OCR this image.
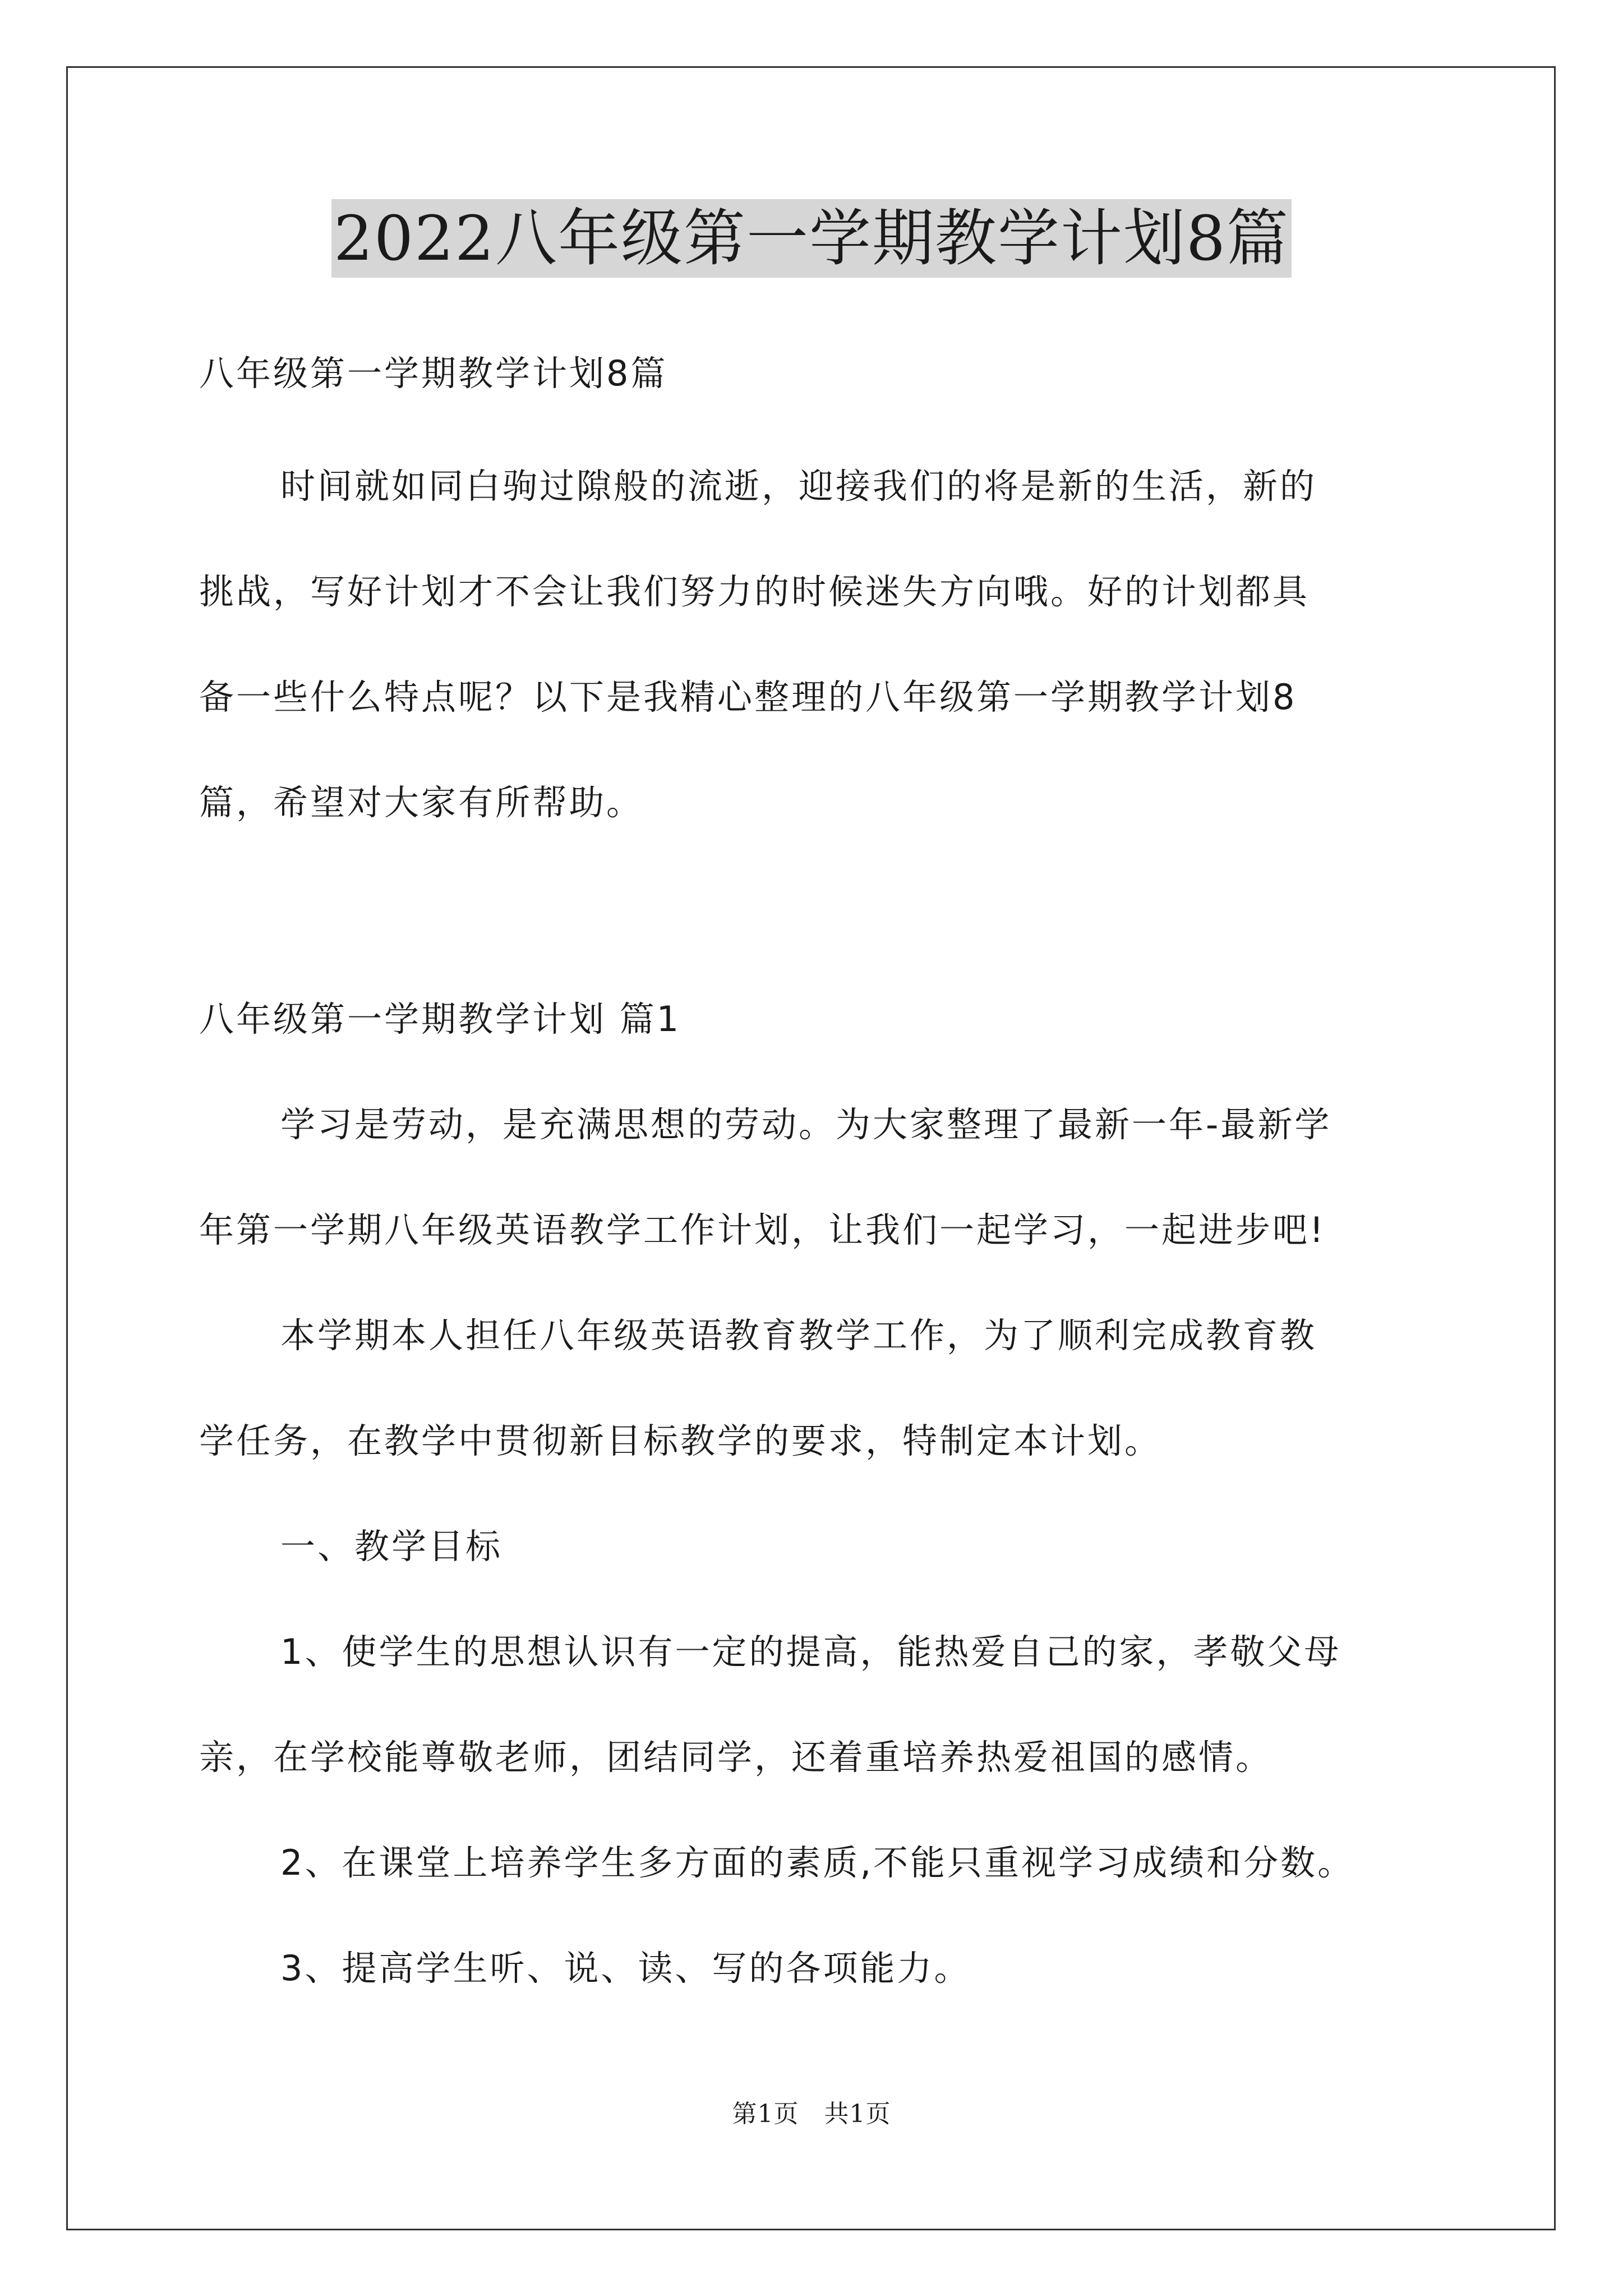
2022八年级第一学期教学计划8篇
八年级第一学期教学计划8篇
时间就如同白驹过隙般的流逝，迎接我们的将是新的生活，新的
挑战，写好计划才不会让我们努力的时候迷失方向哦。好的计划都具
备一些什么特点呢？以下是我精心整理的八年级第一学期教学计划8
篇，希望对大家有所帮助。
八年级第一学期教学计划 篇1
学习是劳动，是充满思想的劳动。为大家整理了最新一年-最新学
年第一学期八年级英语教学工作计划，让我们一起学习，一起进步吧!
本学期本人担任八年级英语教育教学工作，为了顺利完成教育教
学任务，在教学中贯彻新目标教学的要求，特制定本计划。
一、教学目标
1、使学生的思想认识有一定的提高，能热爱自己的家，孝敬父母
亲，在学校能尊敬老师，团结同学，还着重培养热爱祖国的感情。
2、在课堂上培养学生多方面的素质,不能只重视学习成绩和分数。
3、提高学生听、说、读、写的各项能力。
第1页　共1页
